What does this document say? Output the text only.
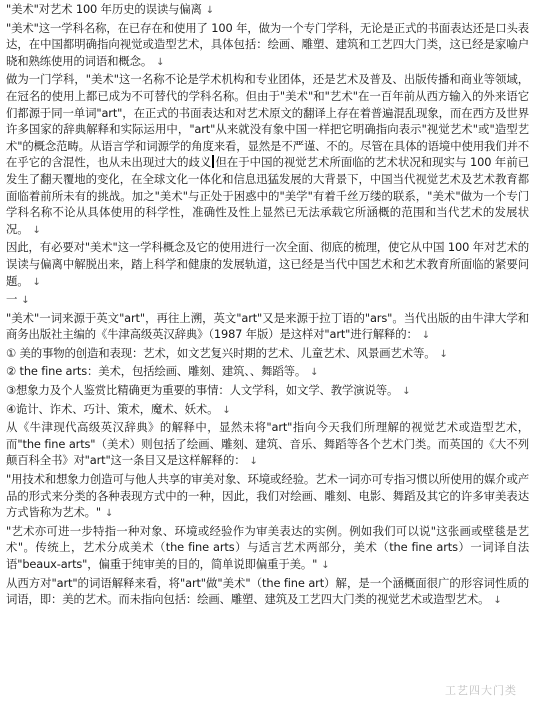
"美术"对艺术 100 年历史的误读与偏离 ↓

"美术"这一学科名称，在已存在和使用了 100 年，做为一个专门学科，无论是正式的书面表达还是口头表达，在中国都明确指向视觉或造型艺术，具体包括：绘画、雕塑、建筑和工艺四大门类，这已经是家喻户晓和熟练使用的词语和概念。 ↓

做为一门学科，"美术"这一名称不论是学术机构和专业团体，还是艺术及普及、出版传播和商业等领域，在冠名的使用上都已成为不可替代的学科名称。但由于"美术"和"艺术"在一百年前从西方输入的外来语它们都源于同一单词"art"，在正式的书面表达和对艺术原文的翻译上存在着普遍混乱现象，而在西方及世界许多国家的辞典解释和实际运用中，"art"从来就没有象中国一样把它明确指向表示"视觉艺术"或"造型艺术"的概念范畴。从语言学和词源学的角度来看，显然是不严谨、不的。尽管在具体的语境中使用我们并不在乎它的含混性，也从未出现过大的歧义 但在于中国的视觉艺术所面临的艺术状况和现实与 100 年前已发生了翻天覆地的变化，在全球文化一体化和信息迅猛发展的大背景下，中国当代视觉艺术及艺术教育都面临着前所未有的挑战。加之"美术"与正处于困惑中的"美学"有着千丝万缕的联系，"美术"做为一个专门学科名称不论从具体使用的科学性，准确性及性上显然已无法承载它所涵概的范围和当代艺术的发展状况。 ↓

因此，有必要对"美术"这一学科概念及它的使用进行一次全面、彻底的梳理，使它从中国 100 年对艺术的误读与偏离中解脱出来，踏上科学和健康的发展轨道，这已经是当代中国艺术和艺术教育所面临的紧要问题。 ↓

一 ↓

"美术"一词来源于英文"art"，再往上溯，英文"art"又是来源于拉丁语的"ars"。当代出版的由牛津大学和商务出版社主编的《牛津高级英汉辞典》（1987 年版）是这样对"art"进行解释的： ↓

① 美的事物的创造和表现：艺术，如文艺复兴时期的艺术、儿童艺术、风景画艺术等。 ↓

② the fine arts：美术，包括绘画、雕刻、建筑、、舞蹈等。 ↓

③想象力及个人鉴赏比精确更为重要的事情：人文学科，如文学、教学演说等。 ↓

④诡计、诈术、巧计、策术，魔术、妖术。 ↓

从《牛津现代高级英汉辞典》的解释中，显然未将"art"指向今天我们所理解的视觉艺术或造型艺术，而"the fine arts"（美术）则包括了绘画、雕刻、建筑、音乐、舞蹈等各个艺术门类。而英国的《大不列颠百科全书》对"art"这一条目又是这样解释的： ↓

"用技术和想象力创造可与他人共享的审美对象、环境或经验。艺术一词亦可专指习惯以所使用的媒介或产品的形式来分类的各种表现方式中的一种，因此，我们对绘画、雕刻、电影、舞蹈及其它的许多审美表达方式皆称为艺术。" ↓

"艺术亦可进一步特指一种对象、环境或经验作为审美表达的实例。例如我们可以说"这张画或壁毯是艺术"。传统上，艺术分成美术（the fine arts）与适言艺术两部分，美术（the fine arts）一词译自法语"beaux-arts"，偏重于纯审美的目的，简单说即偏重于美。" ↓

从西方对"art"的词语解释来看，将"art"做"美术"（the fine art）解，是一个涵概面很广的形容词性质的词语，即：美的艺术。而未指向包括：绘画、雕塑、建筑及工艺四大门类的视觉艺术或造型艺术。 ↓

工艺四大门类
